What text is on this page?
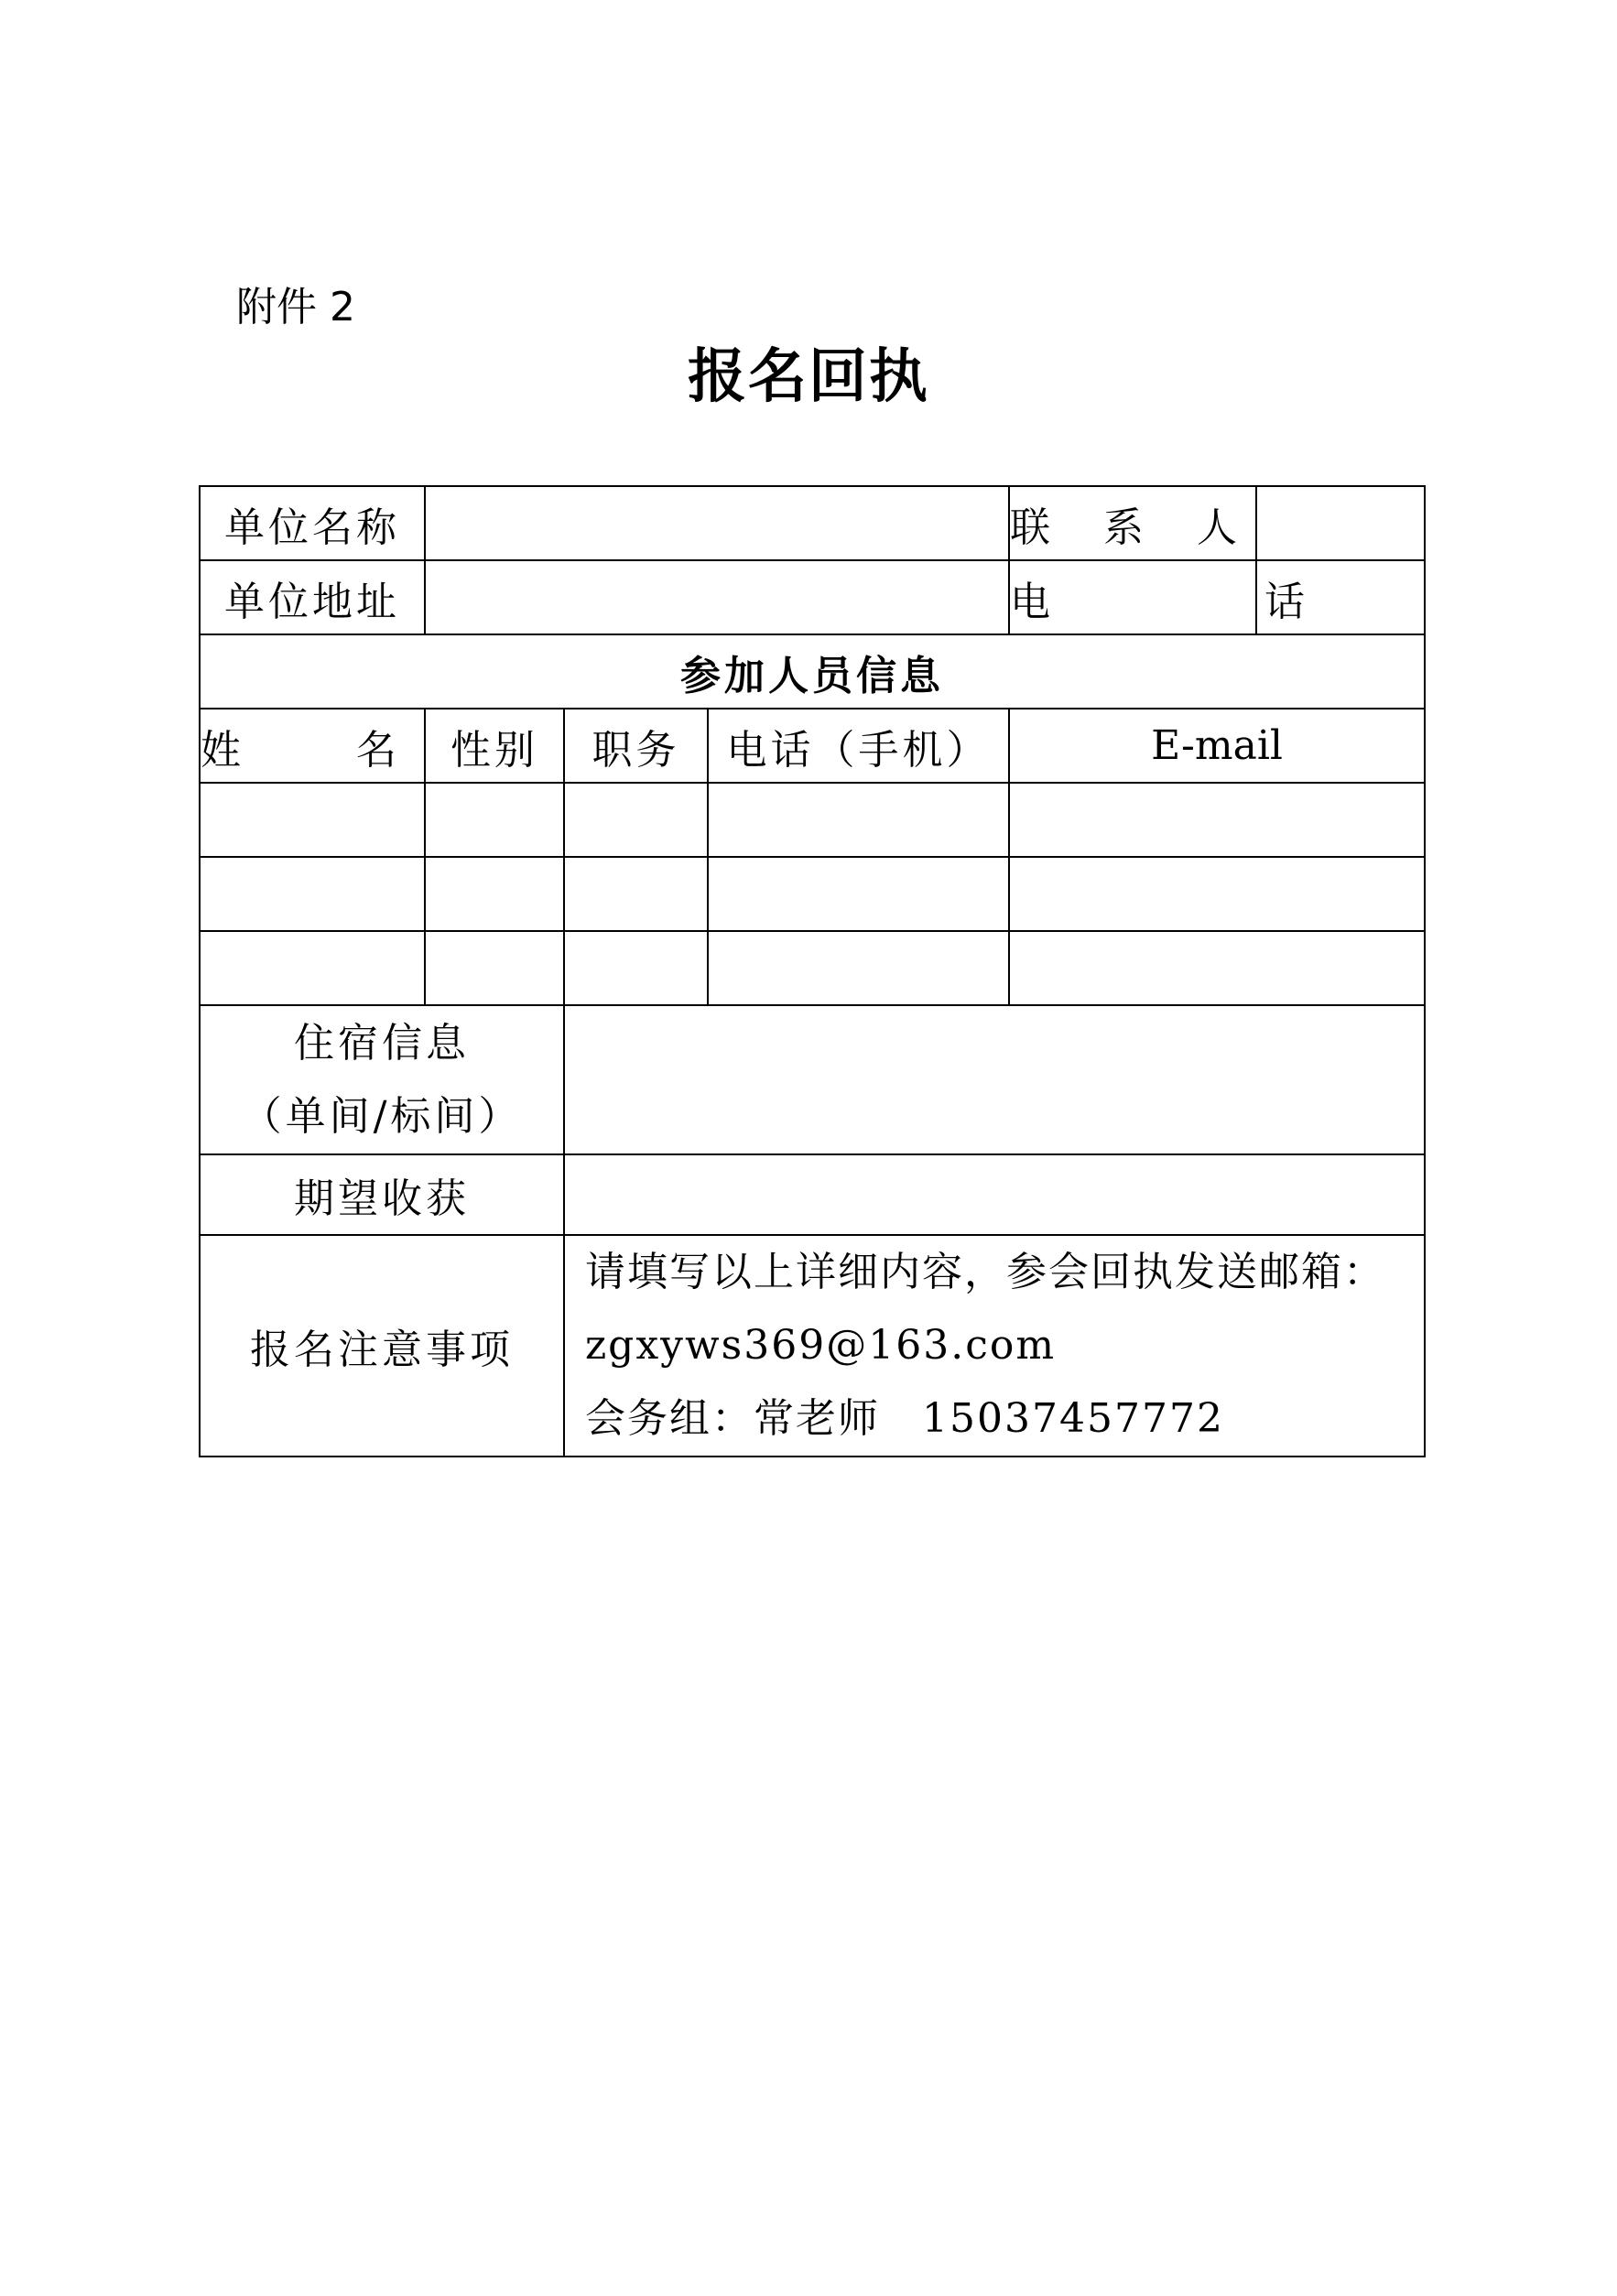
附件 2
报名回执
单位名称				联 系 人	
单位地址				电 话	
参加人员信息					
姓 名	性别	职务	电话（手机）	E-mail	

住宿信息
（单间/标间）					

期望收获					
报名注意事项		请填写以上详细内容，参会回执发送邮箱：
zgxyws369@163.com
会务组：常老师　15037457772			
